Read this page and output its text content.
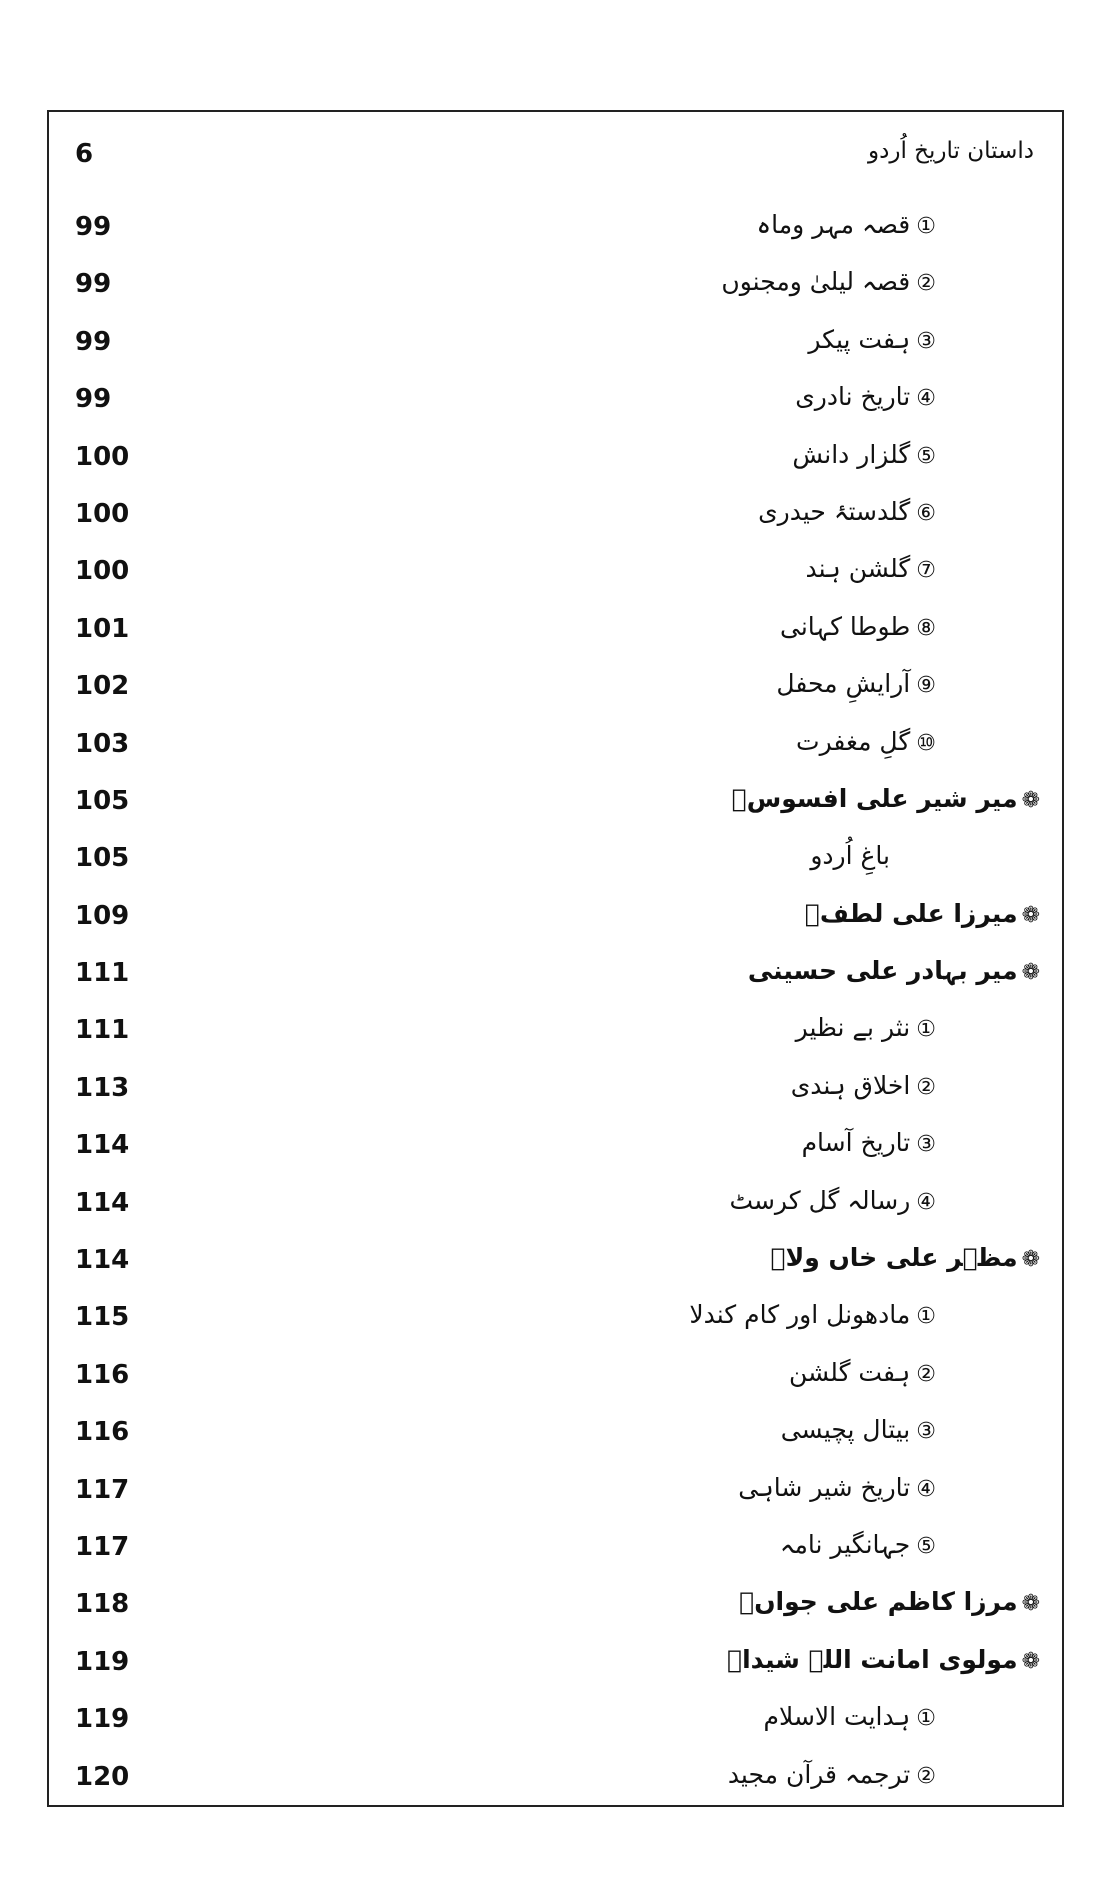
6	داستان تاریخ اُردو
①قصہ مہر وماہ
99
②قصہ لیلیٰ ومجنوں
99
③ہفت پیکر
99
④تاریخ نادری
99
⑤گلزار دانش
100
⑥گلدستۂ حیدری
100
⑦گلشن ہند
100
⑧طوطا کہانی
101
⑨آرایشِ محفل
102
⑩گلِ مغفرت
103
❁میر شیر علی افسوسؔ
105
باغِ اُردو
105
❁میرزا علی لطفؔ
109
❁میر بہادر علی حسینی
111
①نثر بے نظیر
111
②اخلاق ہندی
113
③تاریخ آسام
114
④رسالہ گل کرسٹ
114
❁مظہر علی خاں ولاؔ
114
①مادھونل اور کام کندلا
115
②ہفت گلشن
116
③بیتال پچیسی
116
④تاریخ شیر شاہی
117
⑤جہانگیر نامہ
117
❁مرزا کاظم علی جواںؔ
118
❁مولوی امانت اللہ شیداؔ
119
①ہدایت الاسلام
119
②ترجمہ قرآن مجید
120
